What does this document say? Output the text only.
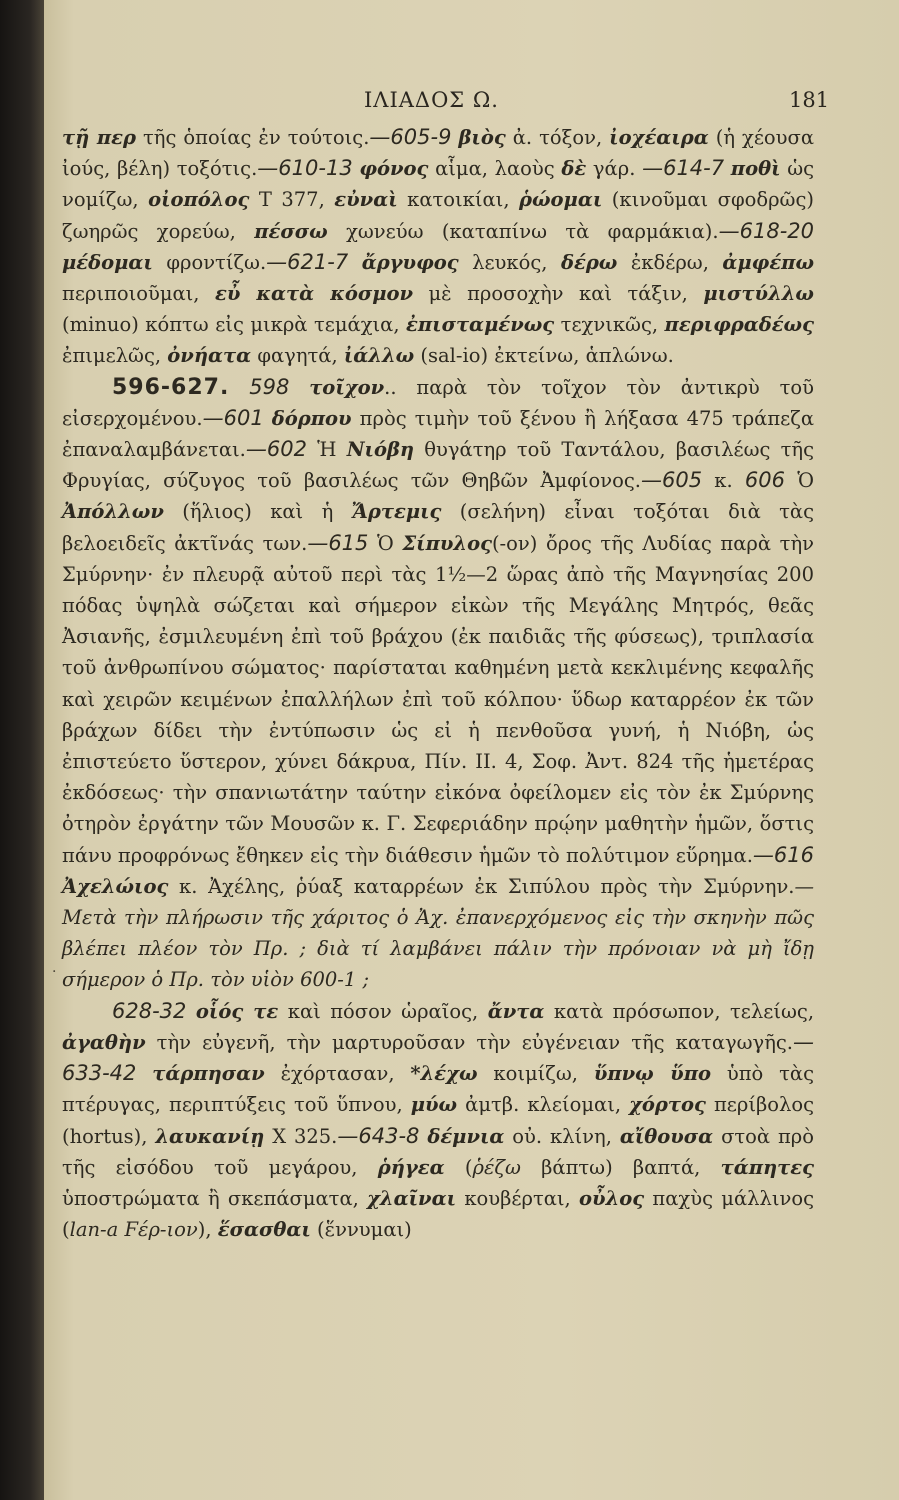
ΙΛΙΑΔΟΣ Ω.	181
·

τῇ περ τῆς ὁποίας ἐν τούτοις.—605-9 βιὸς ἀ. τόξον, ἰοχέαιρα (ἡ χέουσα ἰούς, βέλη) τοξότις.—610-13 φόνος αἷμα, λαοὺς δὲ γάρ. —614-7 ποθὶ ὡς νομίζω, οἰοπόλος Τ 377, εὐναὶ κατοικίαι, ῥώομαι (κινοῦμαι σφοδρῶς) ζωηρῶς χορεύω, πέσσω χωνεύω (καταπίνω τὰ φαρμάκια).—618-20 μέδομαι φροντίζω.—621-7 ἄργυφος λευκός, δέρω ἐκδέρω, ἀμφέπω περιποιοῦμαι, εὖ κατὰ κόσμον μὲ προσοχὴν καὶ τάξιν, μιστύλλω (minuo) κόπτω εἰς μικρὰ τεμάχια, ἐπισταμένως τεχνικῶς, περιφραδέως ἐπιμελῶς, ὀνήατα φαγητά, ἰάλλω (sal-io) ἐκτείνω, ἁπλώνω.

596-627. 598 τοῖχον.. παρὰ τὸν τοῖχον τὸν ἀντικρὺ τοῦ εἰσερχομένου.—601 δόρπου πρὸς τιμὴν τοῦ ξένου ἢ λήξασα 475 τράπεζα ἐπαναλαμβάνεται.—602 Ἡ Νιόβη θυγάτηρ τοῦ Ταντάλου, βασιλέως τῆς Φρυγίας, σύζυγος τοῦ βασιλέως τῶν Θηβῶν Ἀμφίονος.—605 κ. 606 Ὁ Ἀπόλλων (ἥλιος) καὶ ἡ Ἄρτεμις (σελήνη) εἶναι τοξόται διὰ τὰς βελοειδεῖς ἀκτῖνάς των.—615 Ὁ Σίπυλος(-ον) ὄρος τῆς Λυδίας παρὰ τὴν Σμύρνην· ἐν πλευρᾷ αὐτοῦ περὶ τὰς 1½—2 ὥρας ἀπὸ τῆς Μαγνησίας 200 πόδας ὑψηλὰ σώζεται καὶ σήμερον εἰκὼν τῆς Μεγάλης Μητρός, θεᾶς Ἀσιανῆς, ἐσμιλευμένη ἐπὶ τοῦ βράχου (ἐκ παιδιᾶς τῆς φύσεως), τριπλασία τοῦ ἀνθρωπίνου σώματος· παρίσταται καθημένη μετὰ κεκλιμένης κεφαλῆς καὶ χειρῶν κειμένων ἐπαλλήλων ἐπὶ τοῦ κόλπου· ὕδωρ καταρρέον ἐκ τῶν βράχων δίδει τὴν ἐντύπωσιν ὡς εἰ ἡ πενθοῦσα γυνή, ἡ Νιόβη, ὡς ἐπιστεύετο ὕστερον, χύνει δάκρυα, Πίν. II. 4, Σοφ. Ἀντ. 824 τῆς ἡμετέρας ἐκδόσεως· τὴν σπανιωτάτην ταύτην εἰκόνα ὀφείλομεν εἰς τὸν ἐκ Σμύρνης ὀτηρὸν ἐργάτην τῶν Μουσῶν κ. Γ. Σεφεριάδην πρῴην μαθητὴν ἡμῶν, ὅστις πάνυ προφρόνως ἔθηκεν εἰς τὴν διάθεσιν ἡμῶν τὸ πολύτιμον εὕρημα.—616 Ἀχελώιος κ. Ἀχέλης, ῥύαξ καταρρέων ἐκ Σιπύλου πρὸς τὴν Σμύρνην.—Μετὰ τὴν πλήρωσιν τῆς χάριτος ὁ Ἀχ. ἐπανερχόμενος εἰς τὴν σκηνὴν πῶς βλέπει πλέον τὸν Πρ. ; διὰ τί λαμβάνει πάλιν τὴν πρόνοιαν νὰ μὴ ἴδῃ σήμερον ὁ Πρ. τὸν υἱὸν 600-1 ;

628-32 οἷός τε καὶ πόσον ὡραῖος, ἄντα κατὰ πρόσωπον, τελείως, ἀγαθὴν τὴν εὐγενῆ, τὴν μαρτυροῦσαν τὴν εὐγένειαν τῆς καταγωγῆς.—633-42 τάρπησαν ἐχόρτασαν, *λέχω κοιμίζω, ὕπνῳ ὕπο ὑπὸ τὰς πτέρυγας, περιπτύξεις τοῦ ὕπνου, μύω ἀμτβ. κλείομαι, χόρτος περίβολος (hortus), λαυκανίῃ Χ 325.—643-8 δέμνια οὐ. κλίνη, αἴθουσα στοὰ πρὸ τῆς εἰσόδου τοῦ μεγάρου, ῥήγεα (ῥέζω βάπτω) βαπτά, τάπητες ὑποστρώματα ἢ σκεπάσματα, χλαῖναι κουβέρται, οὖλος παχὺς μάλλινος (lan-a Ϝέρ-ιον), ἕσασθαι (ἕννυμαι)
